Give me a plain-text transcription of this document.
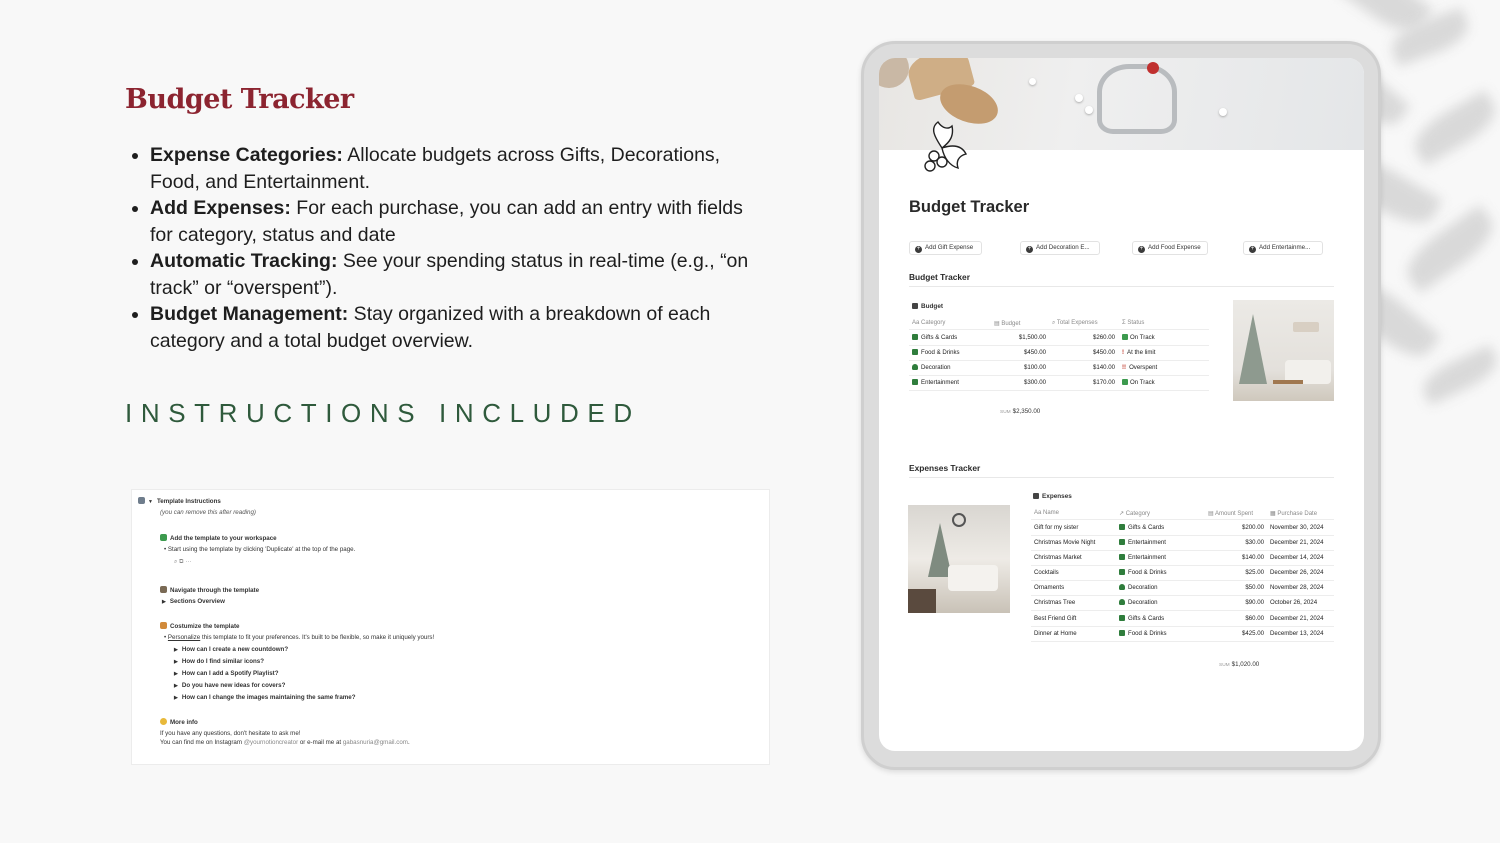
Budget Tracker
Expense Categories: Allocate budgets across Gifts, Decorations, Food, and Entertainment.
Add Expenses: For each purchase, you can add an entry with fields for category, status and date
Automatic Tracking: See your spending status in real-time (e.g., “on track” or “overspent”).
Budget Management: Stay organized with a breakdown of each category and a total budget overview.
INSTRUCTIONS INCLUDED
▼ Template Instructions
(you can remove this after reading)
Add the template to your workspace
• Start using the template by clicking 'Duplicate' at the top of the page.
⌕ ⧉ ···
Navigate through the template
▶ Sections Overview
Costumize the template
• Personalize this template to fit your preferences. It's built to be flexible, so make it uniquely yours!
▶ How can I create a new countdown?
▶ How do I find similar icons?
▶ How can I add a Spotify Playlist?
▶ Do you have new ideas for covers?
▶ How can I change the images maintaining the same frame?
More info
If you have any questions, don't hesitate to ask me!
You can find me on Instagram @yournotioncreator or e-mail me at gabasnuria@gmail.com.
Budget Tracker
+ Add Gift Expense	+ Add Decoration E...	+ Add Food Expense	+ Add Entertainme...
Budget Tracker
Budget
Aa Category	▤ Budget	⌕ Total Expenses	Σ Status
Gifts & Cards	$1,500.00	$260.00	On Track
Food & Drinks	$450.00	$450.00 ! At the limit
Decoration	$100.00	$140.00 !! Overspent
Entertainment	$300.00	$170.00	On Track
SUM $2,350.00
Expenses Tracker
Expenses
Aa Name	↗ Category	▤ Amount Spent	▦ Purchase Date
Gift for my sister	Gifts & Cards	$200.00 November 30, 2024
Christmas Movie Night	Entertainment	$30.00 December 21, 2024
Christmas Market	Entertainment	$140.00 December 14, 2024
Cocktails	Food & Drinks	$25.00 December 26, 2024
Ornaments	Decoration	$50.00 November 28, 2024
Christmas Tree	Decoration	$90.00 October 26, 2024
Best Friend Gift	Gifts & Cards	$60.00 December 21, 2024
Dinner at Home	Food & Drinks	$425.00 December 13, 2024
SUM $1,020.00
